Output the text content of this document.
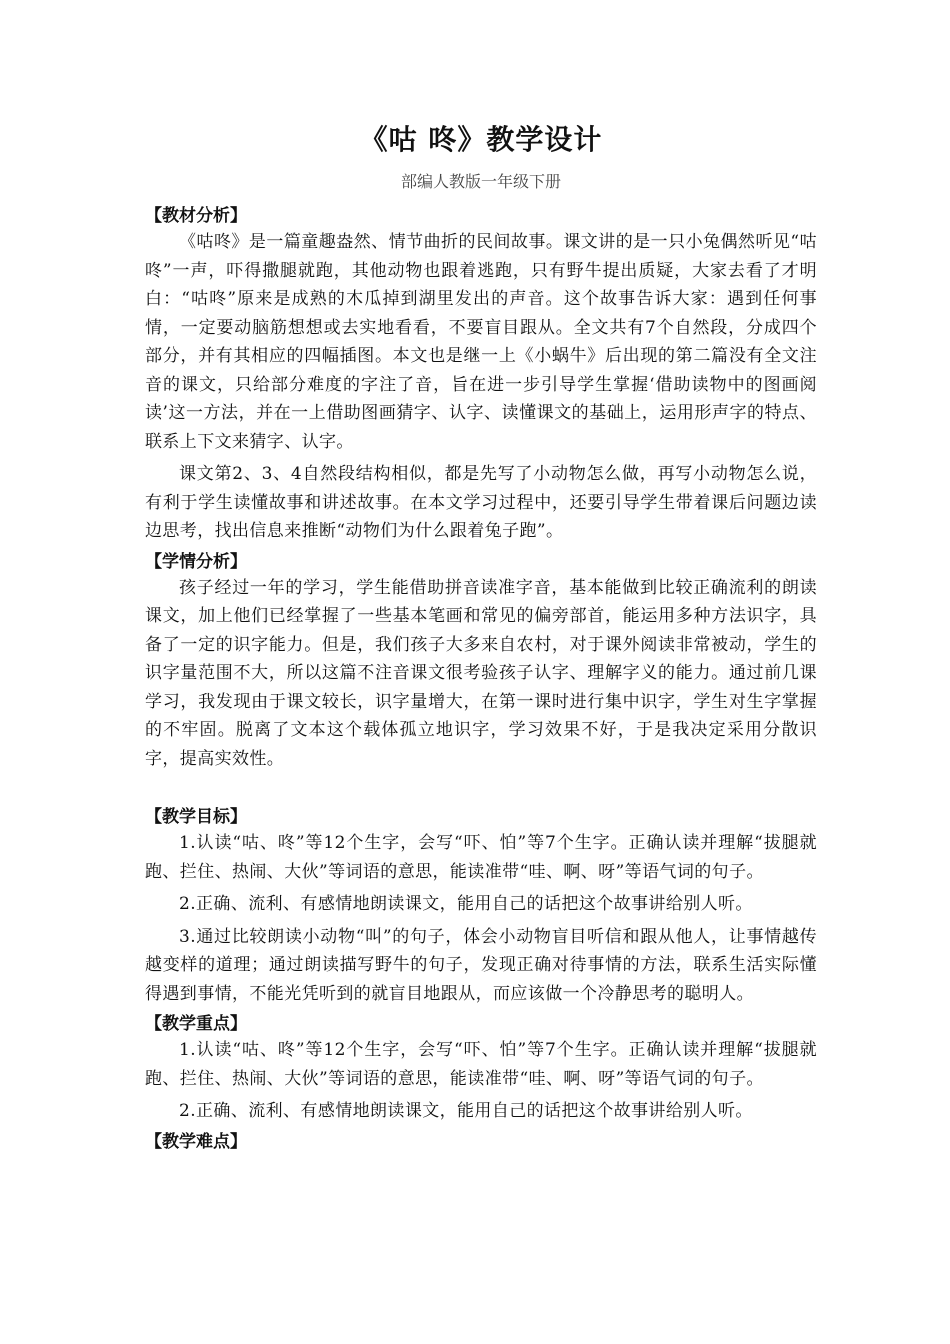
《咕 咚》教学设计
部编人教版一年级下册
【教材分析】

《咕咚》是一篇童趣盎然、情节曲折的民间故事。课文讲的是一只小兔偶然听见“咕咚”一声，吓得撒腿就跑，其他动物也跟着逃跑，只有野牛提出质疑，大家去看了才明白：“咕咚”原来是成熟的木瓜掉到湖里发出的声音。这个故事告诉大家：遇到任何事情，一定要动脑筋想想或去实地看看，不要盲目跟从。全文共有7个自然段，分成四个部分，并有其相应的四幅插图。本文也是继一上《小蜗牛》后出现的第二篇没有全文注音的课文，只给部分难度的字注了音，旨在进一步引导学生掌握‘借助读物中的图画阅读’这一方法，并在一上借助图画猜字、认字、读懂课文的基础上，运用形声字的特点、联系上下文来猜字、认字。

课文第2、3、4自然段结构相似，都是先写了小动物怎么做，再写小动物怎么说，有利于学生读懂故事和讲述故事。在本文学习过程中，还要引导学生带着课后问题边读边思考，找出信息来推断“动物们为什么跟着兔子跑”。

【学情分析】

孩子经过一年的学习，学生能借助拼音读准字音，基本能做到比较正确流利的朗读课文，加上他们已经掌握了一些基本笔画和常见的偏旁部首，能运用多种方法识字，具备了一定的识字能力。但是，我们孩子大多来自农村，对于课外阅读非常被动，学生的识字量范围不大，所以这篇不注音课文很考验孩子认字、理解字义的能力。通过前几课学习，我发现由于课文较长，识字量增大，在第一课时进行集中识字，学生对生字掌握的不牢固。脱离了文本这个载体孤立地识字，学习效果不好，于是我决定采用分散识字，提高实效性。

【教学目标】

1.认读“咕、咚”等12个生字，会写“吓、怕”等7个生字。正确认读并理解“拔腿就跑、拦住、热闹、大伙”等词语的意思，能读准带“哇、啊、呀”等语气词的句子。

2.正确、流利、有感情地朗读课文，能用自己的话把这个故事讲给别人听。

3.通过比较朗读小动物“叫”的句子，体会小动物盲目听信和跟从他人，让事情越传越变样的道理；通过朗读描写野牛的句子，发现正确对待事情的方法，联系生活实际懂得遇到事情，不能光凭听到的就盲目地跟从，而应该做一个冷静思考的聪明人。

【教学重点】

1.认读“咕、咚”等12个生字，会写“吓、怕”等7个生字。正确认读并理解“拔腿就跑、拦住、热闹、大伙”等词语的意思，能读准带“哇、啊、呀”等语气词的句子。

2.正确、流利、有感情地朗读课文，能用自己的话把这个故事讲给别人听。

【教学难点】
